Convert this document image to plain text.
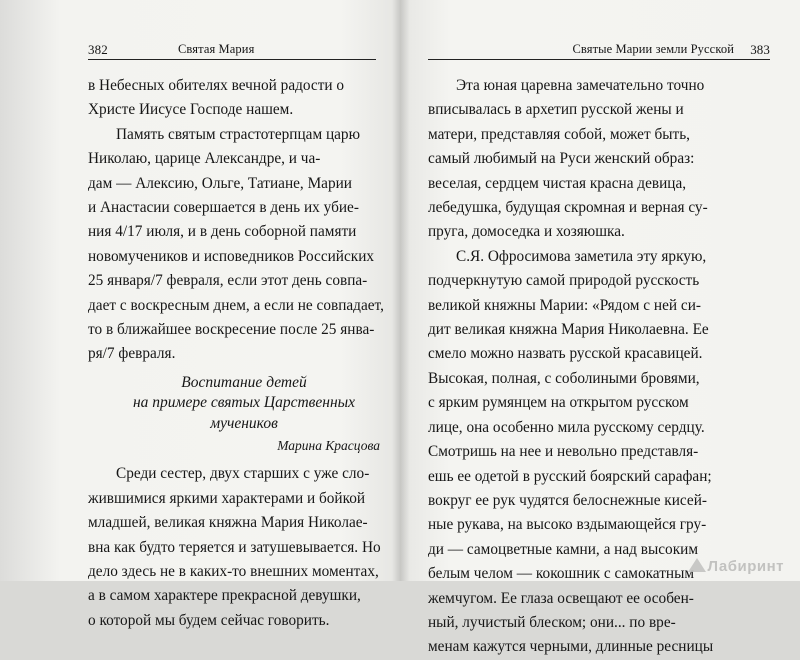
382	Святая Мария
в Небесных обителях вечной радости о
Христе Иисусе Господе нашем.
Память святым страстотерпцам царю
Николаю, царице Александре, и ча-
дам — Алексию, Ольге, Татиане, Марии
и Анастасии совершается в день их убие-
ния 4/17 июля, и в день соборной памяти
новомучеников и исповедников Российских
25 января/7 февраля, если этот день совпа-
дает с воскресным днем, а если не совпадает,
то в ближайшее воскресение после 25 янва-
ря/7 февраля.
Воспитание детей
на примере святых Царственных
мучеников
Марина Красцова
Среди сестер, двух старших с уже сло-
жившимися яркими характерами и бойкой
младшей, великая княжна Мария Николае-
вна как будто теряется и затушевывается. Но
дело здесь не в каких-то внешних моментах,
а в самом характере прекрасной девушки,
о которой мы будем сейчас говорить.
Святые Марии земли Русской 383
Эта юная царевна замечательно точно
вписывалась в архетип русской жены и
матери, представляя собой, может быть,
самый любимый на Руси женский образ:
веселая, сердцем чистая красна девица,
лебедушка, будущая скромная и верная су-
пруга, домоседка и хозяюшка.
С.Я. Офросимова заметила эту яркую,
подчеркнутую самой природой русскость
великой княжны Марии: «Рядом с ней си-
дит великая княжна Мария Николаевна. Ее
смело можно назвать русской красавицей.
Высокая, полная, с соболиными бровями,
с ярким румянцем на открытом русском
лице, она особенно мила русскому сердцу.
Смотришь на нее и невольно представля-
ешь ее одетой в русский боярский сарафан;
вокруг ее рук чудятся белоснежные кисей-
ные рукава, на высоко вздымающейся гру-
ди — самоцветные камни, а над высоким
белым челом — кокошник с самокатным
жемчугом. Ее глаза освещают ее особен-
ный, лучистый блеском; они... по вре-
менам кажутся черными, длинные ресницы
Лабиринт
